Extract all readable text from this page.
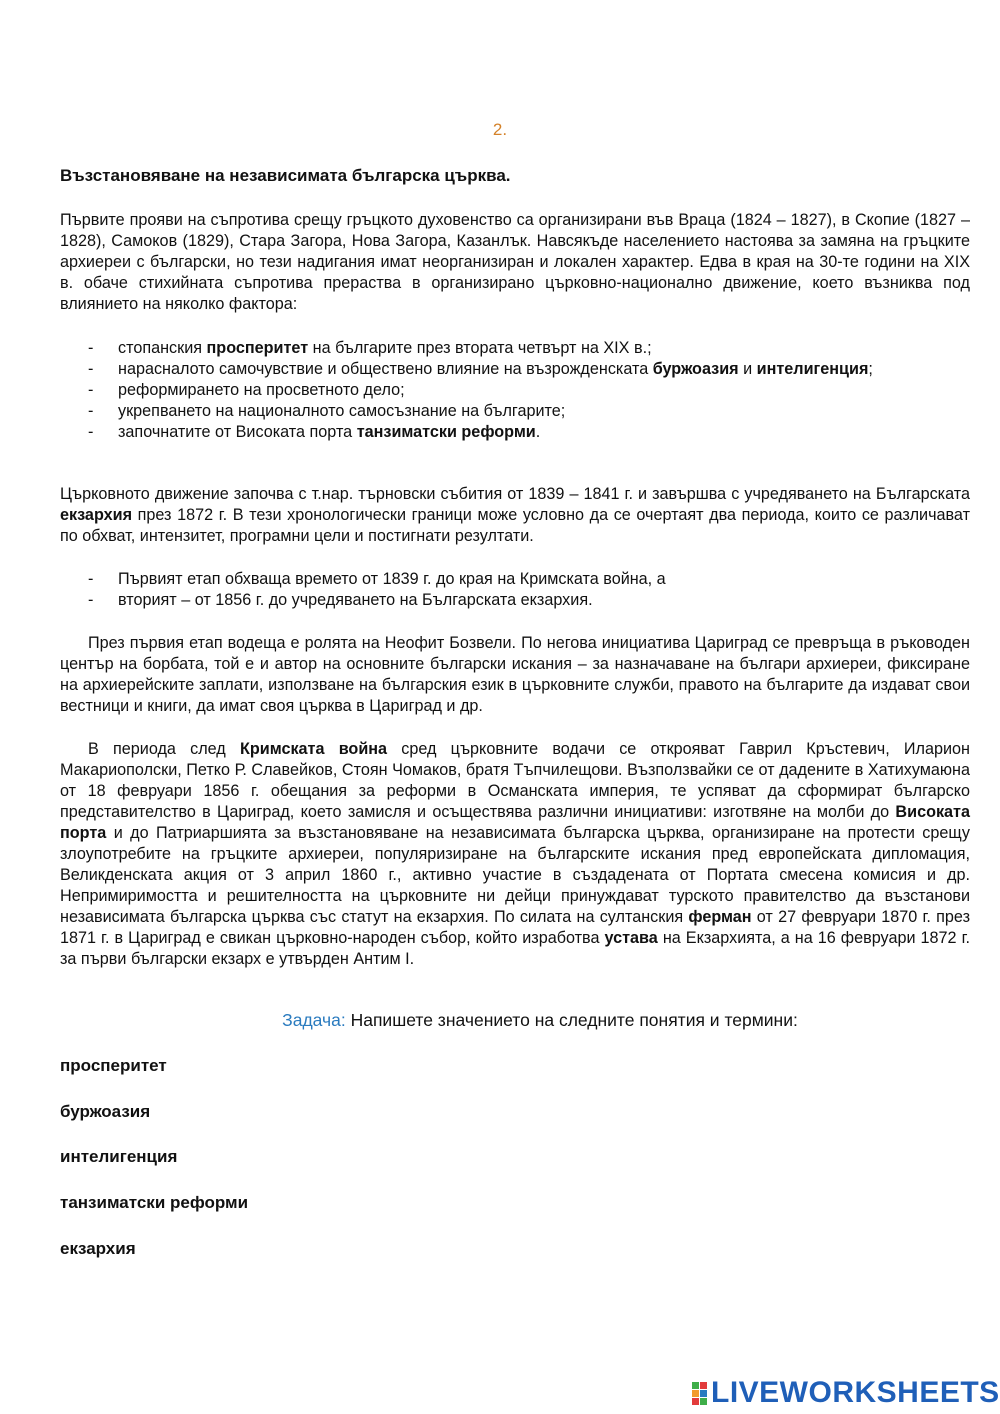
2.
Възстановяване на независимата българска църква.

Първите прояви на съпротива срещу гръцкото духовенство са организирани във Враца (1824 – 1827), в Скопие (1827 – 1828), Самоков (1829), Стара Загора, Нова Загора, Казанлък. Навсякъде населението настоява за замяна на гръцките архиереи с български, но тези надигания имат неорганизиран и локален характер. Едва в края на 30-те години на XIX в. обаче стихийната съпротива прераства в организирано църковно-национално движение, което възниква под влиянието на няколко фактора:

- стопанския просперитет на българите през втората четвърт на XIX в.;
- нарасналото самочувствие и обществено влияние на възрожденската буржоазия и интелигенция;
- реформирането на просветното дело;
- укрепването на националното самосъзнание на българите;
- започнатите от Високата порта танзиматски реформи.

Църковното движение започва с т.нар. търновски събития от 1839 – 1841 г. и завършва с учредяването на Българската екзархия през 1872 г. В тези хронологически граници може условно да се очертаят два периода, които се различават по обхват, интензитет, програмни цели и постигнати резултати.

- Първият етап обхваща времето от 1839 г. до края на Кримската война, а
- вторият – от 1856 г. до учредяването на Българската екзархия.

През първия етап водеща е ролята на Неофит Бозвели. По негова инициатива Цариград се превръща в ръководен център на борбата, той е и автор на основните български искания – за назначаване на българи архиереи, фиксиране на архиерейските заплати, използване на българския език в църковните служби, правото на българите да издават свои вестници и книги, да имат своя църква в Цариград и др.

В периода след Кримската война сред църковните водачи се открояват Гаврил Кръстевич, Иларион Макариополски, Петко Р. Славейков, Стоян Чомаков, братя Тъпчилещови. Възползвайки се от дадените в Хатихумаюна от 18 февруари 1856 г. обещания за реформи в Османската империя, те успяват да сформират българско представителство в Цариград, което замисля и осъществява различни инициативи: изготвяне на молби до Високата порта и до Патриаршията за възстановяване на независимата българска църква, организиране на протести срещу злоупотребите на гръцките архиереи, популяризиране на българските искания пред европейската дипломация, Великденската акция от 3 април 1860 г., активно участие в създадената от Портата смесена комисия и др. Непримиримостта и решителността на църковните ни дейци принуждават турското правителство да възстанови независимата българска църква със статут на екзархия. По силата на султанския ферман от 27 февруари 1870 г. през 1871 г. в Цариград е свикан църковно-народен събор, който изработва устава на Екзархията, а на 16 февруари 1872 г. за първи български екзарх е утвърден Антим I.

Задача: Напишете значението на следните понятия и термини:

просперитет

буржоазия

интелигенция

танзиматски реформи

екзархия

LIVEWORKSHEETS
